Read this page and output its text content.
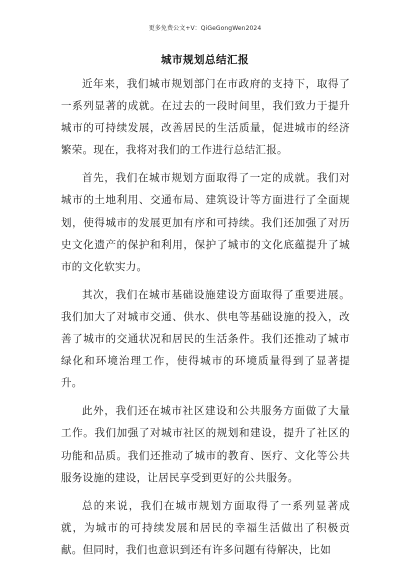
更多免费公文+V：QiGeGongWen2024
城市规划总结汇报

近年来，我们城市规划部门在市政府的支持下，取得了一系列显著的成就。在过去的一段时间里，我们致力于提升城市的可持续发展，改善居民的生活质量，促进城市的经济繁荣。现在，我将对我们的工作进行总结汇报。

首先，我们在城市规划方面取得了一定的成就。我们对城市的土地利用、交通布局、建筑设计等方面进行了全面规划，使得城市的发展更加有序和可持续。我们还加强了对历史文化遗产的保护和利用，保护了城市的文化底蕴提升了城市的文化软实力。

其次，我们在城市基础设施建设方面取得了重要进展。我们加大了对城市交通、供水、供电等基础设施的投入，改善了城市的交通状况和居民的生活条件。我们还推动了城市绿化和环境治理工作，使得城市的环境质量得到了显著提升。

此外，我们还在城市社区建设和公共服务方面做了大量工作。我们加强了对城市社区的规划和建设，提升了社区的功能和品质。我们还推动了城市的教育、医疗、文化等公共服务设施的建设，让居民享受到更好的公共服务。

总的来说，我们在城市规划方面取得了一系列显著成就，为城市的可持续发展和居民的幸福生活做出了积极贡献。但同时，我们也意识到还有许多问题有待解决，比如
